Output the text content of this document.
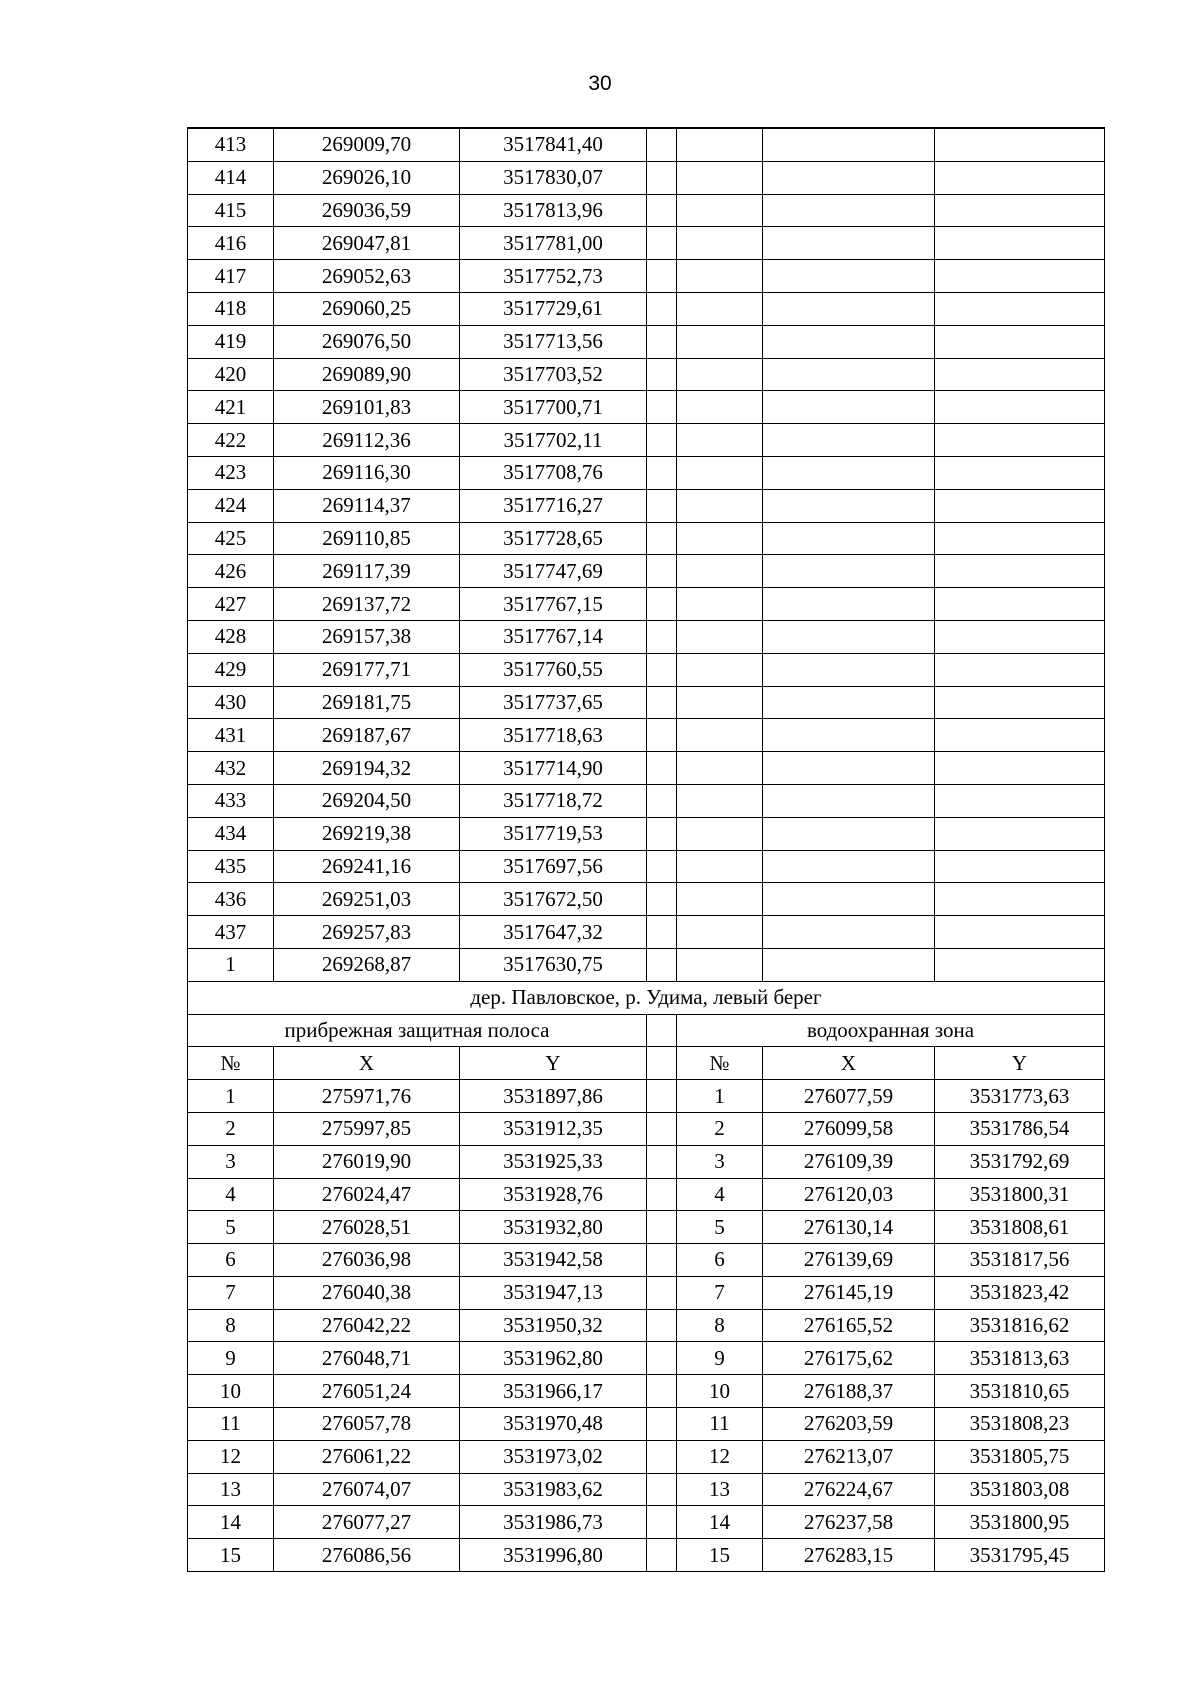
30
413	269009,70	3517841,40				
414	269026,10	3517830,07				
415	269036,59	3517813,96				
416	269047,81	3517781,00				
417	269052,63	3517752,73				
418	269060,25	3517729,61				
419	269076,50	3517713,56				
420	269089,90	3517703,52				
421	269101,83	3517700,71				
422	269112,36	3517702,11				
423	269116,30	3517708,76				
424	269114,37	3517716,27				
425	269110,85	3517728,65				
426	269117,39	3517747,69				
427	269137,72	3517767,15				
428	269157,38	3517767,14				
429	269177,71	3517760,55				
430	269181,75	3517737,65				
431	269187,67	3517718,63				
432	269194,32	3517714,90				
433	269204,50	3517718,72				
434	269219,38	3517719,53				
435	269241,16	3517697,56				
436	269251,03	3517672,50				
437	269257,83	3517647,32				
1	269268,87	3517630,75				
дер. Павловское, р. Удима, левый берег						
прибрежная защитная полоса				водоохранная зона		
№	X	Y		№	X	Y
1	275971,76	3531897,86		1	276077,59	3531773,63
2	275997,85	3531912,35		2	276099,58	3531786,54
3	276019,90	3531925,33		3	276109,39	3531792,69
4	276024,47	3531928,76		4	276120,03	3531800,31
5	276028,51	3531932,80		5	276130,14	3531808,61
6	276036,98	3531942,58		6	276139,69	3531817,56
7	276040,38	3531947,13		7	276145,19	3531823,42
8	276042,22	3531950,32		8	276165,52	3531816,62
9	276048,71	3531962,80		9	276175,62	3531813,63
10	276051,24	3531966,17		10	276188,37	3531810,65
11	276057,78	3531970,48		11	276203,59	3531808,23
12	276061,22	3531973,02		12	276213,07	3531805,75
13	276074,07	3531983,62		13	276224,67	3531803,08
14	276077,27	3531986,73		14	276237,58	3531800,95
15	276086,56	3531996,80		15	276283,15	3531795,45
